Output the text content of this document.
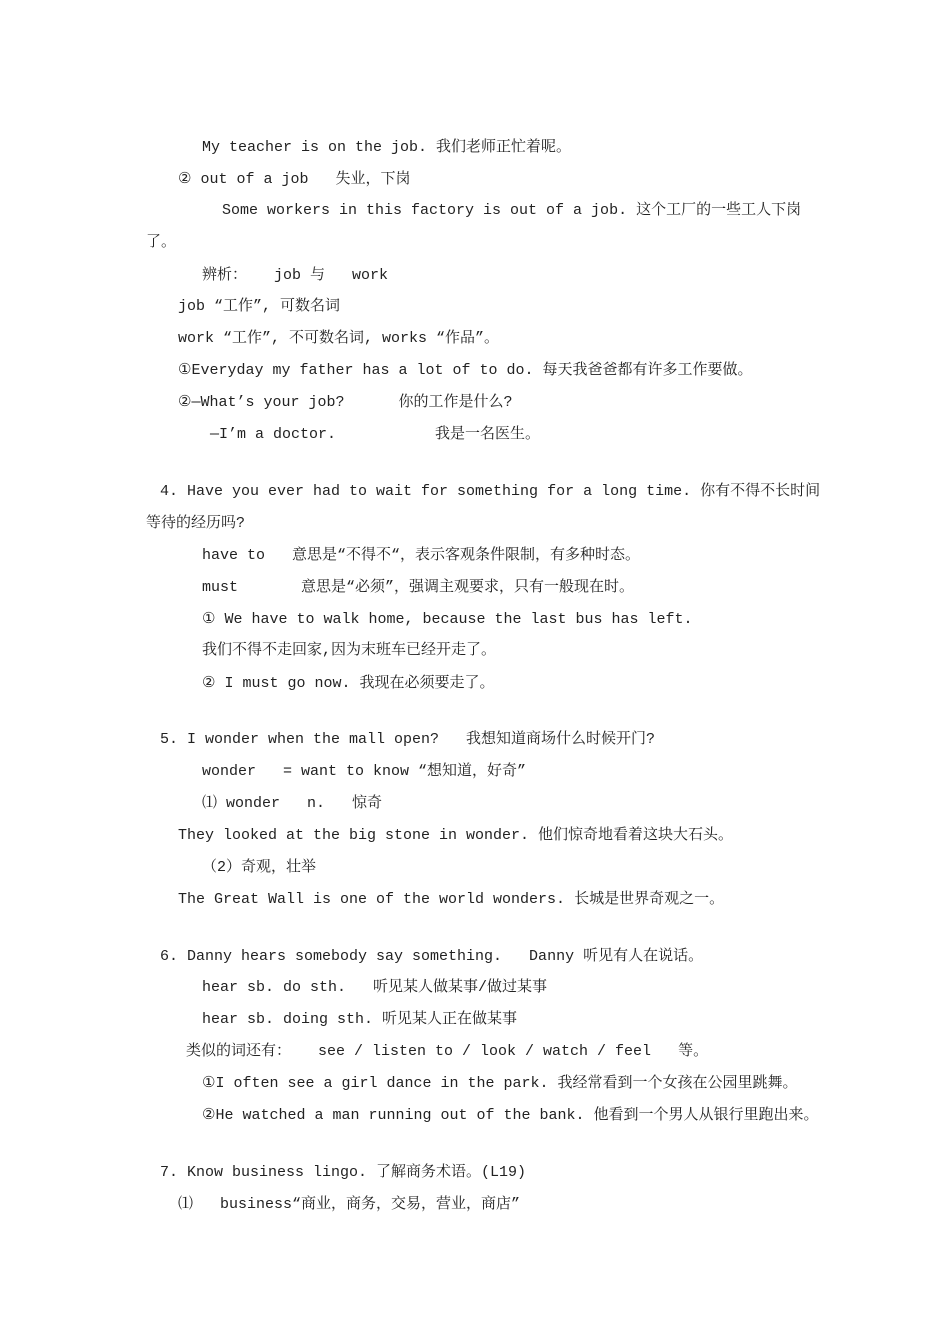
My teacher is on the job. 我们老师正忙着呢。
② out of a job   失业，下岗
Some workers in this factory is out of a job. 这个工厂的一些工人下岗
了。
辨析：   job 与   work
job “工作”, 可数名词
work “工作”, 不可数名词, works “作品”。
①Everyday my father has a lot of to do. 每天我爸爸都有许多工作要做。
②—What’s your job?      你的工作是什么?
—I’m a doctor.           我是一名医生。
4. Have you ever had to wait for something for a long time. 你有不得不长时间
等待的经历吗?
have to   意思是“不得不“，表示客观条件限制，有多种时态。
must       意思是“必须”，强调主观要求，只有一般现在时。
① We have to walk home, because the last bus has left.
我们不得不走回家,因为末班车已经开走了。
② I must go now. 我现在必须要走了。
5. I wonder when the mall open?   我想知道商场什么时候开门?
wonder   = want to know “想知道，好奇”
⑴ wonder   n.   惊奇
They looked at the big stone in wonder. 他们惊奇地看着这块大石头。
（2）奇观，壮举
The Great Wall is one of the world wonders. 长城是世界奇观之一。
6. Danny hears somebody say something.   Danny 听见有人在说话。
hear sb. do sth.   听见某人做某事/做过某事
hear sb. doing sth. 听见某人正在做某事
类似的词还有：   see / listen to / look / watch / feel   等。
①I often see a girl dance in the park. 我经常看到一个女孩在公园里跳舞。
②He watched a man running out of the bank. 他看到一个男人从银行里跑出来。
7. Know business lingo. 了解商务术语。(L19)
⑴   business“商业，商务，交易，营业，商店”
